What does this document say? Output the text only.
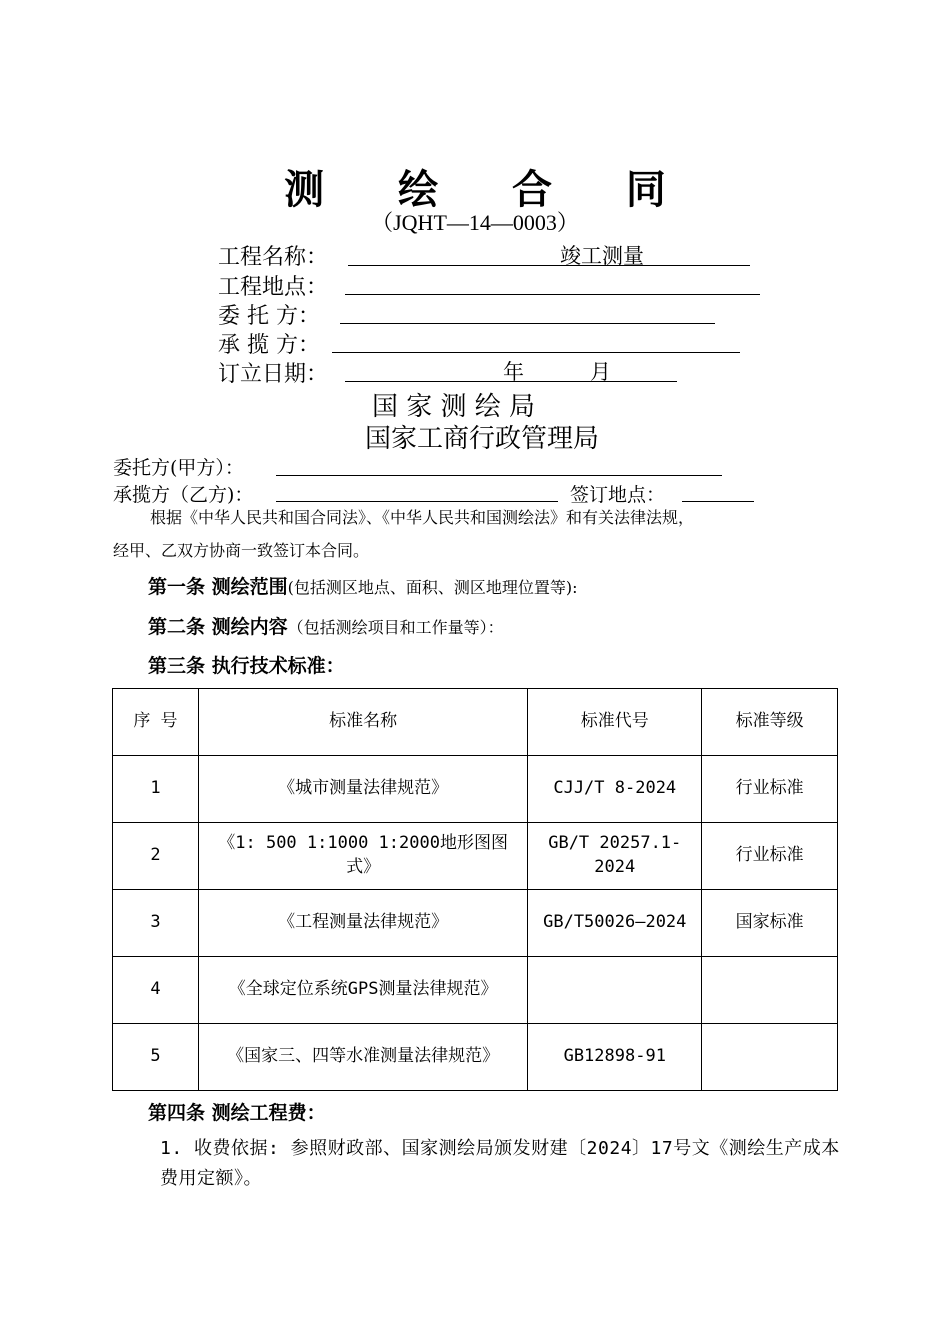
测 绘 合 同
（JQHT—14—0003）
工程名称：	竣工测量
工程地点：
委 托 方：
承 揽 方：
订立日期：	年	月
国 家 测 绘 局
国家工商行政管理局
委托方(甲方）：
承揽方（乙方)：	签订地点：
根据《中华人民共和国合同法》、《中华人民共和国测绘法》和有关法律法规，
经甲、乙双方协商一致签订本合同。
第一条 测绘范围(包括测区地点、面积、测区地理位置等):
第二条 测绘内容（包括测绘项目和工作量等）：
第三条 执行技术标准：
序 号	标准名称	标准代号	标准等级
1	《城市测量法律规范》	CJJ/T 8-2024	行业标准
2	《1: 500 1:1000 1:2000地形图图式》	GB/T 20257.1-2024	行业标准
3	《工程测量法律规范》	GB/T50026—2024	国家标准
4	《全球定位系统GPS测量法律规范》		
5	《国家三、四等水准测量法律规范》	GB12898-91	
第四条 测绘工程费：
1. 收费依据: 参照财政部、国家测绘局颁发财建〔2024〕17号文《测绘生产成本费用定额》。
